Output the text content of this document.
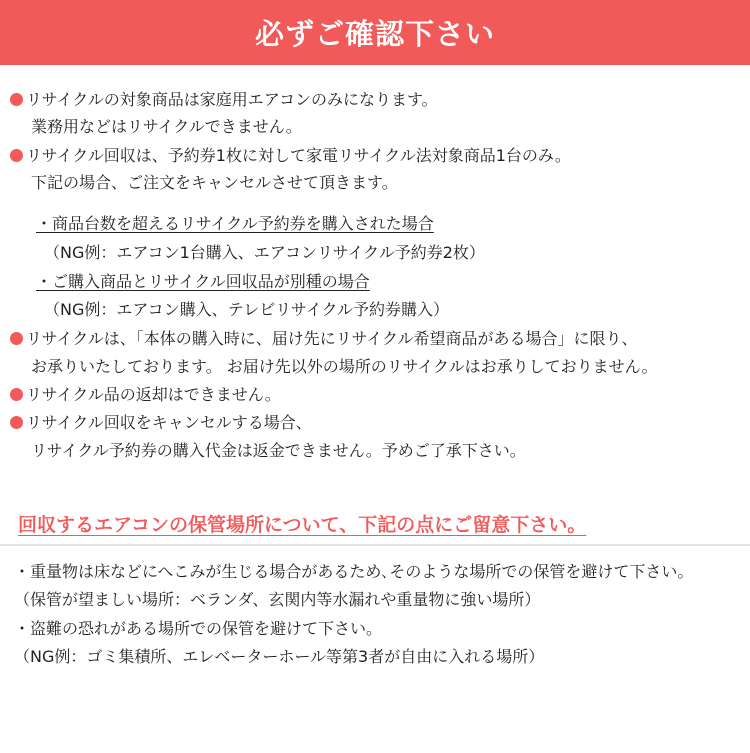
必ずご確認下さい
リサイクルの対象商品は家庭用エアコンのみになります。
業務用などはリサイクルできません。
リサイクル回収は、予約券1枚に対して家電リサイクル法対象商品1台のみ。
下記の場合、ご注文をキャンセルさせて頂きます。
・商品台数を超えるリサイクル予約券を購入された場合
（NG例：エアコン1台購入、エアコンリサイクル予約券2枚）
・ご購入商品とリサイクル回収品が別種の場合
（NG例：エアコン購入、テレビリサイクル予約券購入）
リサイクルは、「本体の購入時に、届け先にリサイクル希望商品がある場合」に限り、
お承りいたしております。 お届け先以外の場所のリサイクルはお承りしておりません。
リサイクル品の返却はできません。
リサイクル回収をキャンセルする場合、
リサイクル予約券の購入代金は返金できません。予めご了承下さい。
回収するエアコンの保管場所について、下記の点にご留意下さい。
・重量物は床などにへこみが生じる場合があるため､そのような場所での保管を避けて下さい。
（保管が望ましい場所：ベランダ、玄関内等水漏れや重量物に強い場所）
・盗難の恐れがある場所での保管を避けて下さい。
（NG例：ゴミ集積所、エレベーターホール等第3者が自由に入れる場所）
